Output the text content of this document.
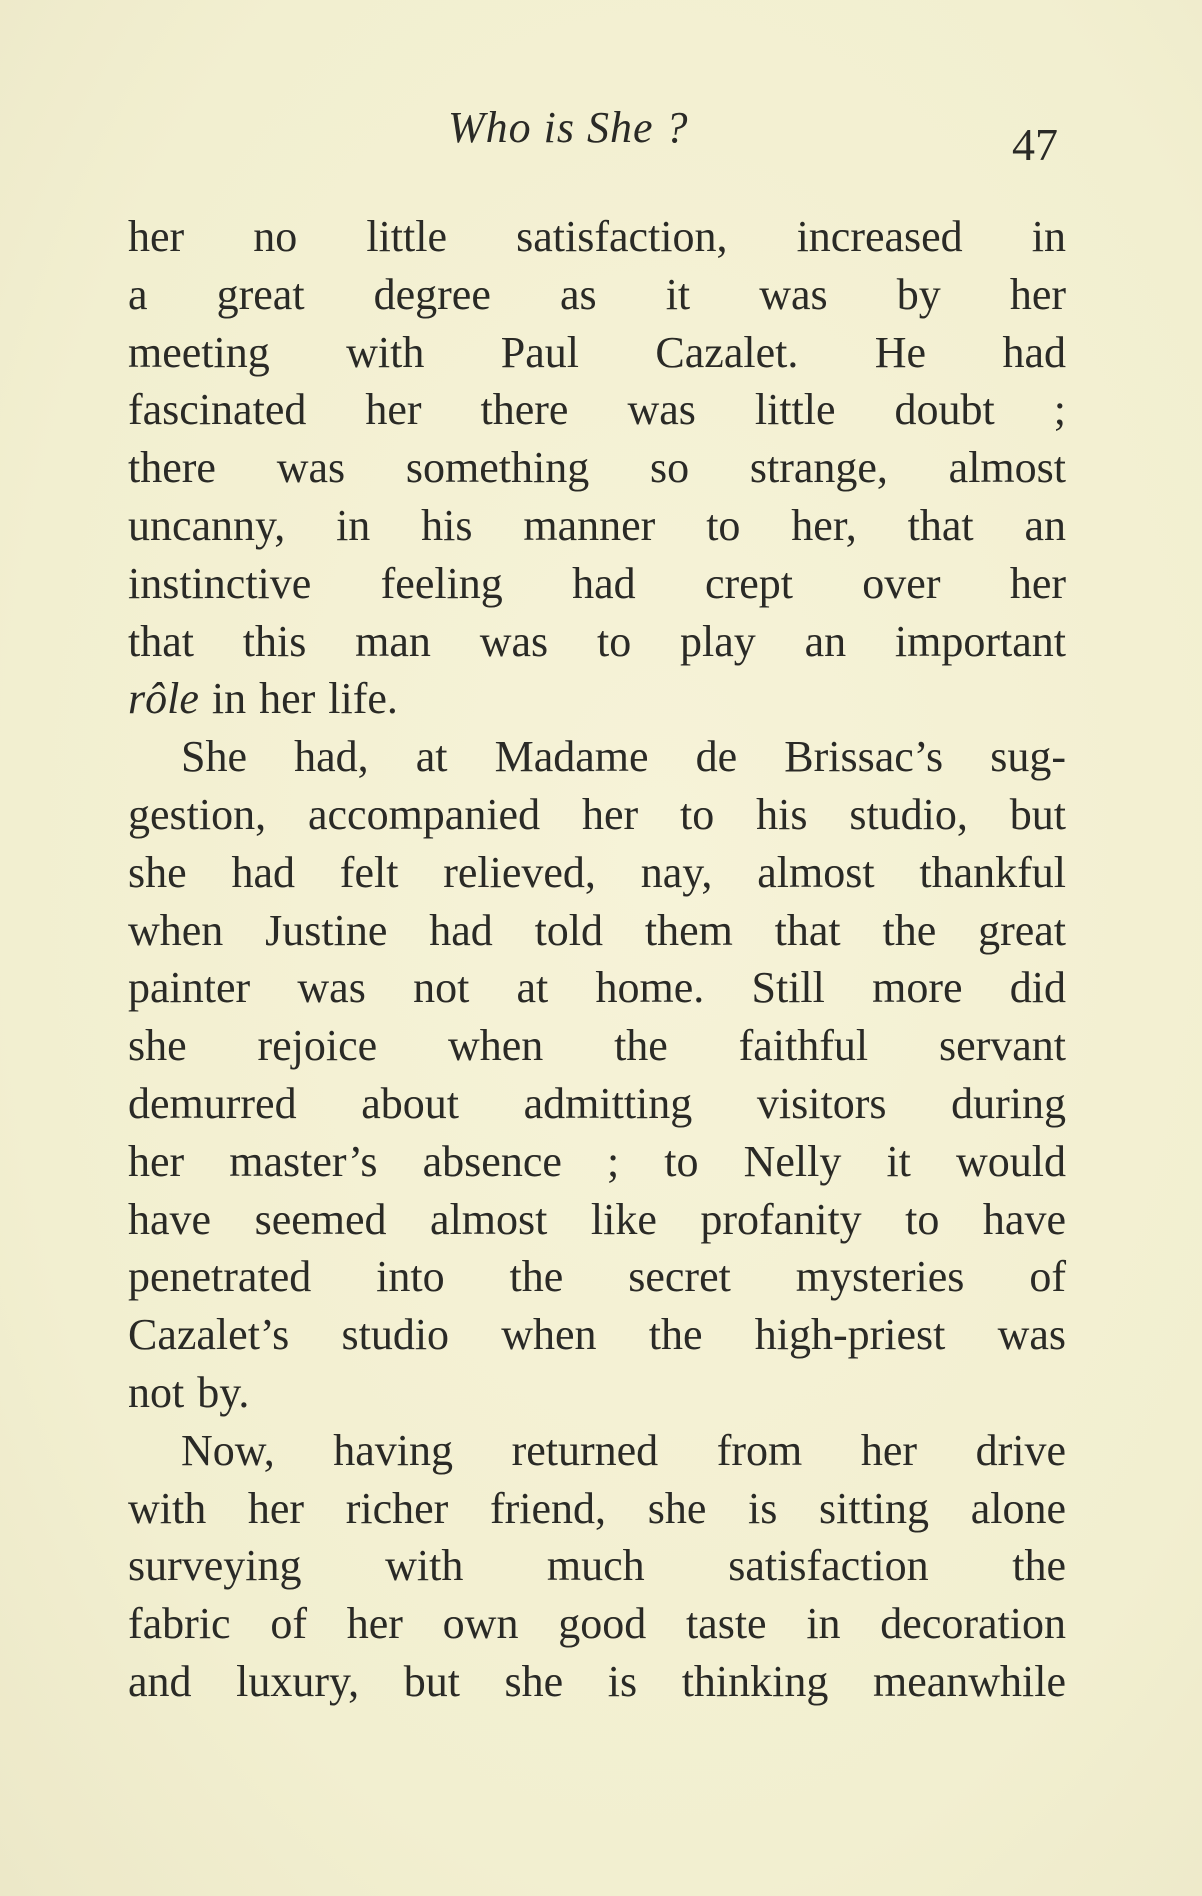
Who is She ?	47
her no little satisfaction, increased in
a great degree as it was by her
meeting with Paul Cazalet. He had
fascinated her there was little doubt ;
there was something so strange, almost
uncanny, in his manner to her, that an
instinctive feeling had crept over her
that this man was to play an important
rôle in her life.
She had, at Madame de Brissac’s sug-
gestion, accompanied her to his studio, but
she had felt relieved, nay, almost thankful
when Justine had told them that the great
painter was not at home. Still more did
she rejoice when the faithful servant
demurred about admitting visitors during
her master’s absence ; to Nelly it would
have seemed almost like profanity to have
penetrated into the secret mysteries of
Cazalet’s studio when the high-priest was
not by.
Now, having returned from her drive
with her richer friend, she is sitting alone
surveying with much satisfaction the
fabric of her own good taste in decoration
and luxury, but she is thinking meanwhile
